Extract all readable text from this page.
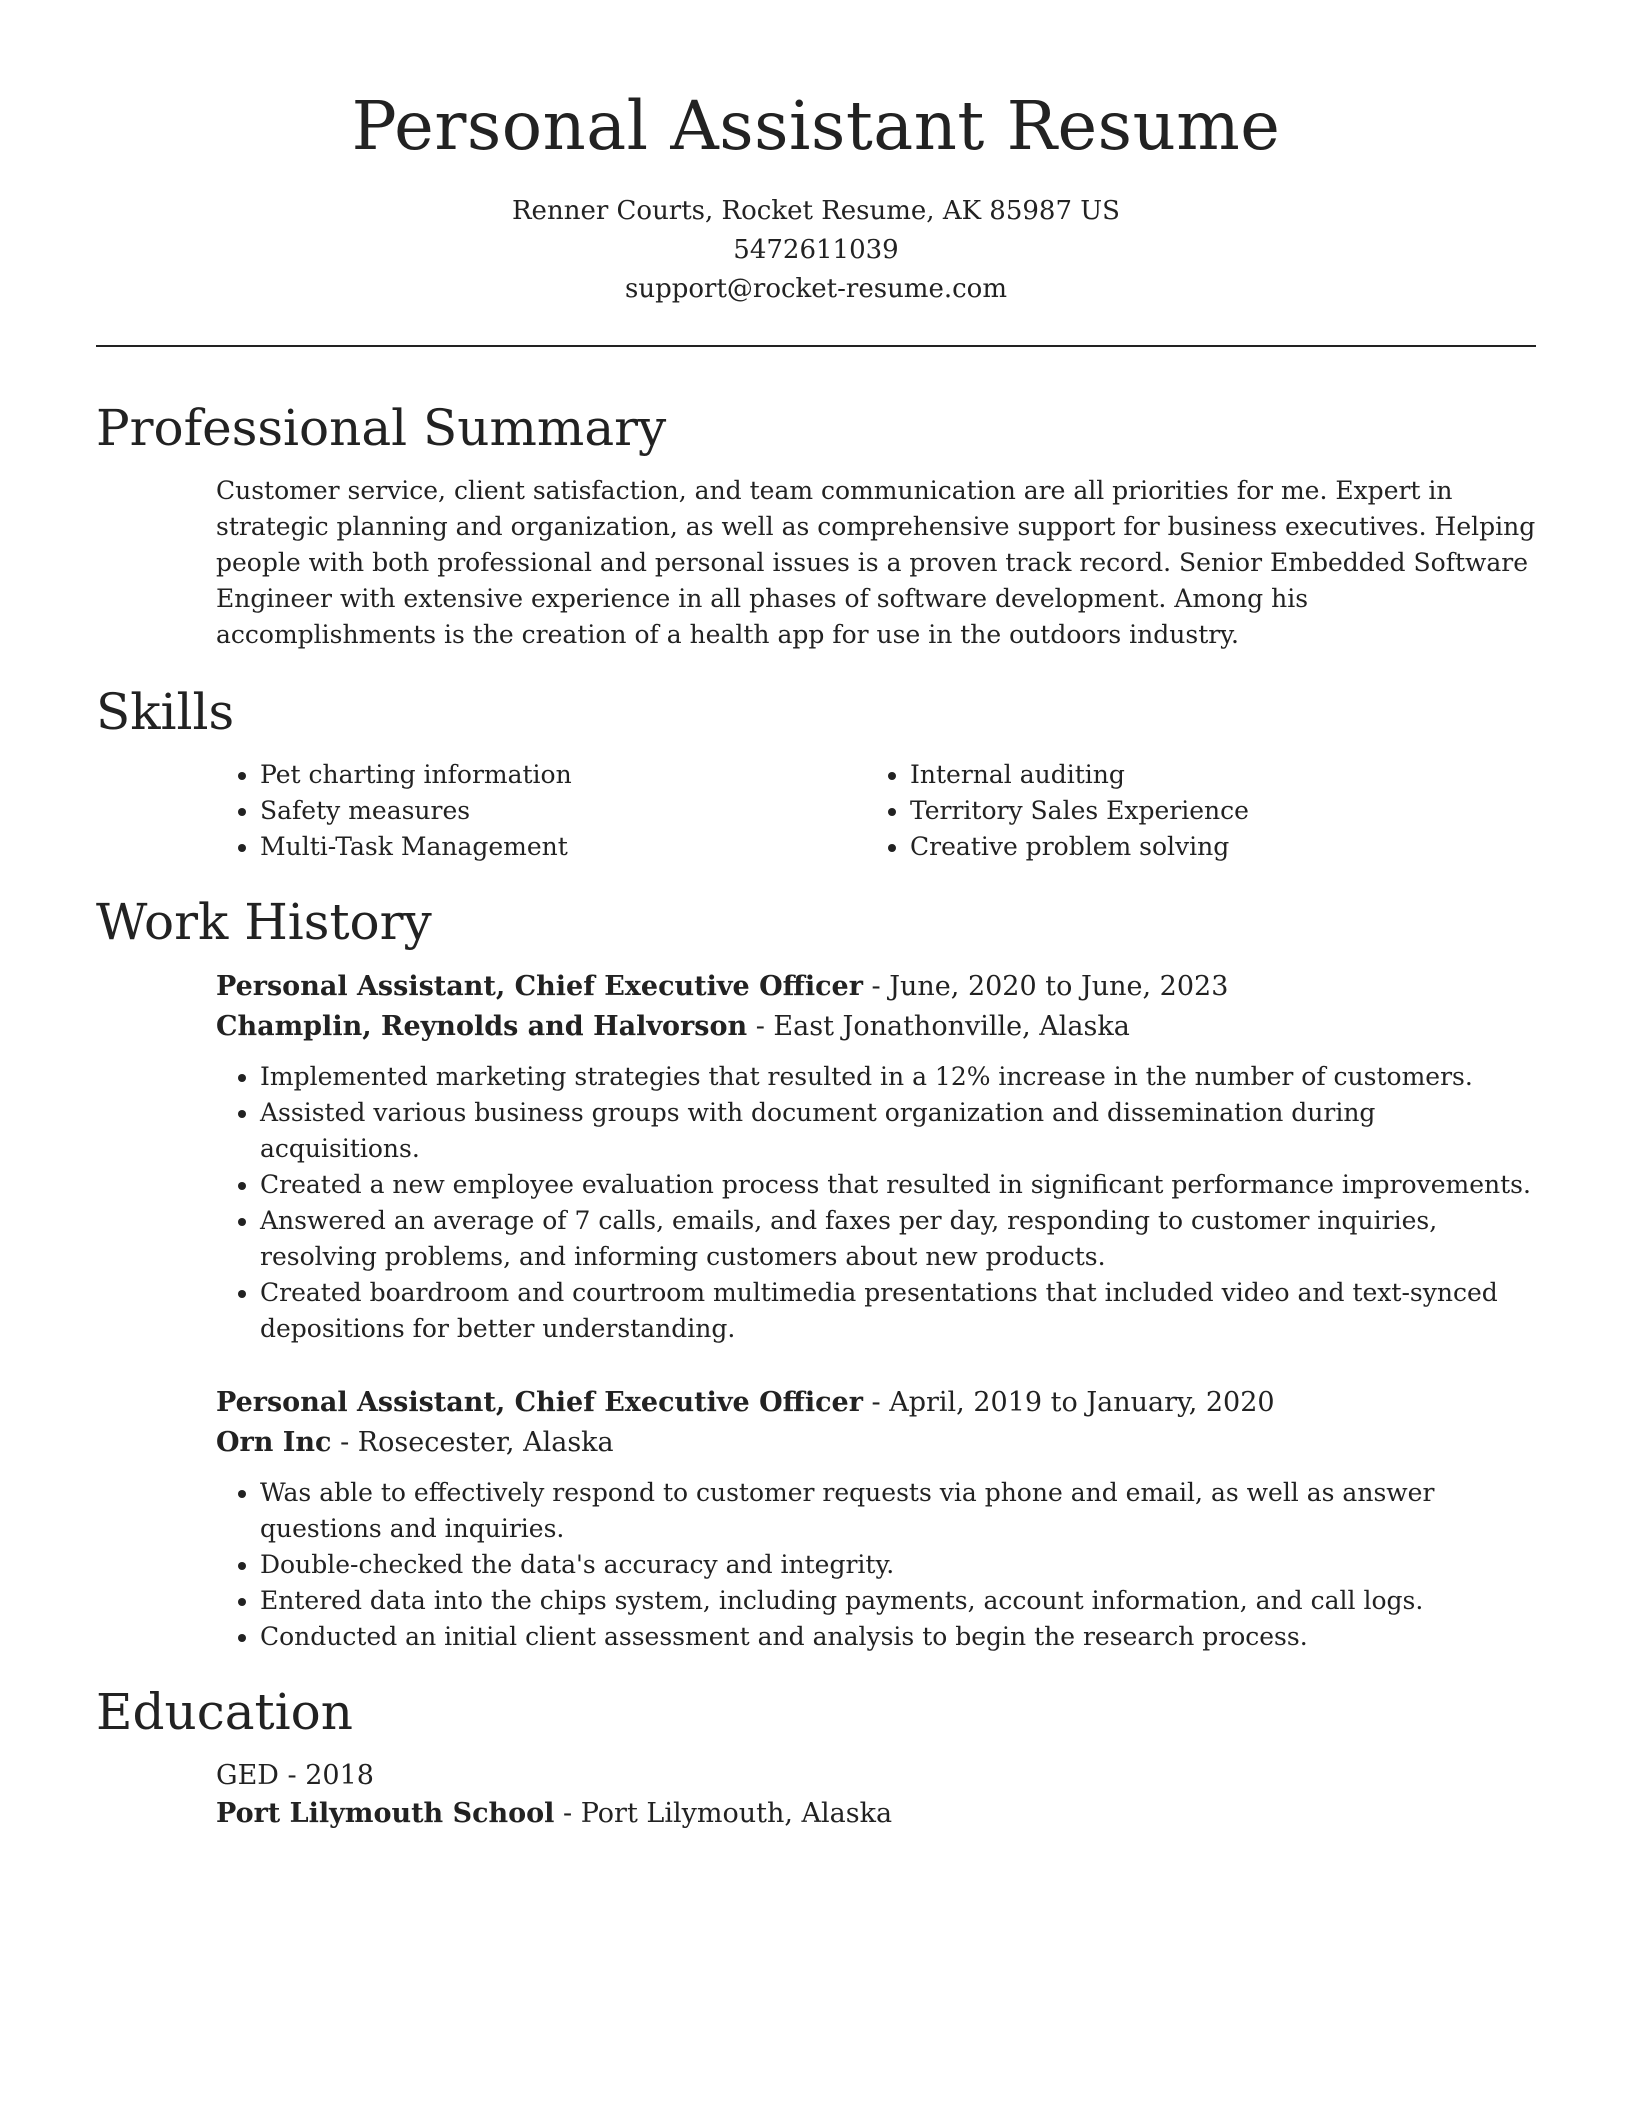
Personal Assistant Resume
Renner Courts, Rocket Resume, AK 85987 US
5472611039
support@rocket-resume.com
Professional Summary

Customer service, client satisfaction, and team communication are all priorities for me. Expert in strategic planning and organization, as well as comprehensive support for business executives. Helping people with both professional and personal issues is a proven track record. Senior Embedded Software Engineer with extensive experience in all phases of software development. Among his accomplishments is the creation of a health app for use in the outdoors industry.

Skills
• Pet charting information
• Safety measures
• Multi-Task Management
• Internal auditing
• Territory Sales Experience
• Creative problem solving
Work History
Personal Assistant, Chief Executive Officer - June, 2020 to June, 2023
Champlin, Reynolds and Halvorson - East Jonathonville, Alaska
• Implemented marketing strategies that resulted in a 12% increase in the number of customers.
• Assisted various business groups with document organization and dissemination during acquisitions.
• Created a new employee evaluation process that resulted in significant performance improvements.
• Answered an average of 7 calls, emails, and faxes per day, responding to customer inquiries, resolving problems, and informing customers about new products.
• Created boardroom and courtroom multimedia presentations that included video and text-synced depositions for better understanding.
Personal Assistant, Chief Executive Officer - April, 2019 to January, 2020
Orn Inc - Rosecester, Alaska
• Was able to effectively respond to customer requests via phone and email, as well as answer questions and inquiries.
• Double-checked the data's accuracy and integrity.
• Entered data into the chips system, including payments, account information, and call logs.
• Conducted an initial client assessment and analysis to begin the research process.
Education
GED - 2018
Port Lilymouth School - Port Lilymouth, Alaska
